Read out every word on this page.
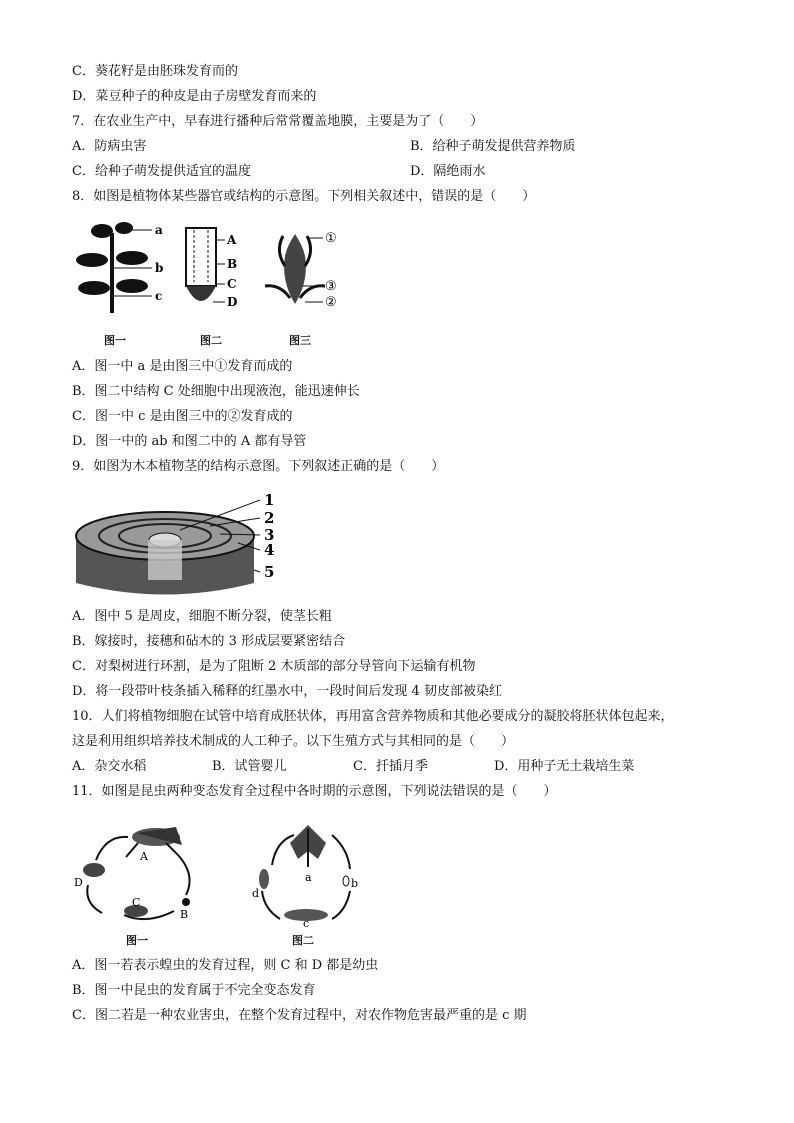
C．葵花籽是由胚珠发育而的
D．菜豆种子的种皮是由子房壁发育而来的
7．在农业生产中，早春进行播种后常常覆盖地膜，主要是为了（　　）
A．防病虫害	B．给种子萌发提供营养物质
C．给种子萌发提供适宜的温度	D．隔绝雨水
8．如图是植物体某些器官或结构的示意图。下列相关叙述中，错误的是（　　）
a
b
c
A
B
C
D
①
③
②
图一	图二	图三
A．图一中 a 是由图三中①发育而成的
B．图二中结构 C 处细胞中出现液泡，能迅速伸长
C．图一中 c 是由图三中的②发育成的
D．图一中的 ab 和图二中的 A 都有导管
9．如图为木本植物茎的结构示意图。下列叙述正确的是（　　）
1
2
3
4
5
A．图中 5 是周皮，细胞不断分裂，使茎长粗
B．嫁接时，接穗和砧木的 3 形成层要紧密结合
C．对梨树进行环割，是为了阻断 2 木质部的部分导管向下运输有机物
D．将一段带叶枝条插入稀释的红墨水中，一段时间后发现 4 韧皮部被染红
10．人们将植物细胞在试管中培育成胚状体，再用富含营养物质和其他必要成分的凝胶将胚状体包起来，
这是利用组织培养技术制成的人工种子。以下生殖方式与其相同的是（　　）
A．杂交水稻	B．试管婴儿	C．扦插月季	D．用种子无土栽培生菜
11．如图是昆虫两种变态发育全过程中各时期的示意图，下列说法错误的是（　　）
A
B
C
D	a	b
c
d
图一	图二
A．图一若表示蝗虫的发育过程，则 C 和 D 都是幼虫
B．图一中昆虫的发育属于不完全变态发育
C．图二若是一种农业害虫，在整个发育过程中，对农作物危害最严重的是 c 期
